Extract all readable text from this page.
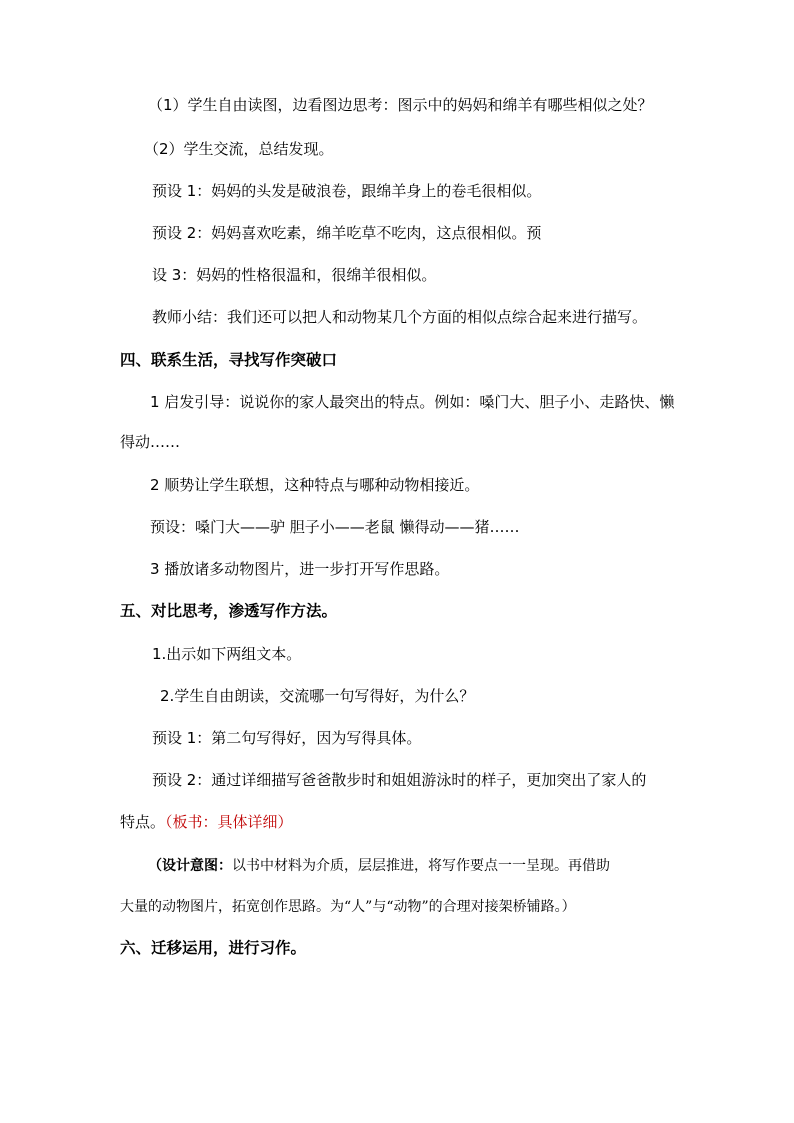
（1）学生自由读图，边看图边思考：图示中的妈妈和绵羊有哪些相似之处？
（2）学生交流，总结发现。
预设 1：妈妈的头发是破浪卷，跟绵羊身上的卷毛很相似。
预设 2：妈妈喜欢吃素，绵羊吃草不吃肉，这点很相似。预
设 3：妈妈的性格很温和，很绵羊很相似。
教师小结：我们还可以把人和动物某几个方面的相似点综合起来进行描写。
四、联系生活，寻找写作突破口
1 启发引导：说说你的家人最突出的特点。例如：嗓门大、胆子小、走路快、懒
得动……
2 顺势让学生联想，这种特点与哪种动物相接近。
预设：嗓门大——驴 胆子小——老鼠 懒得动——猪……
3 播放诸多动物图片，进一步打开写作思路。
五、对比思考，渗透写作方法。
1.出示如下两组文本。
2.学生自由朗读，交流哪一句写得好，为什么？
预设 1：第二句写得好，因为写得具体。
预设 2：通过详细描写爸爸散步时和姐姐游泳时的样子，更加突出了家人的
特点。（板书：具体详细）
（设计意图：以书中材料为介质，层层推进，将写作要点一一呈现。再借助
大量的动物图片，拓宽创作思路。为“人”与“动物”的合理对接架桥铺路。）
六、迁移运用，进行习作。
